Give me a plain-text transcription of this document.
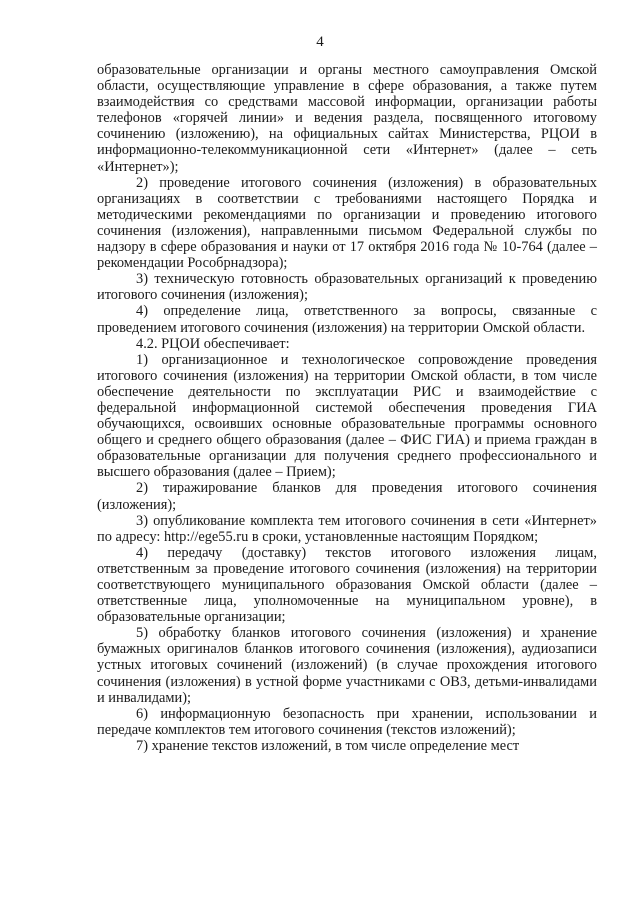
4

образовательные организации и органы местного самоуправления Омской области, осуществляющие управление в сфере образования, а также путем взаимодействия со средствами массовой информации, организации работы телефонов «горячей линии» и ведения раздела, посвященного итоговому сочинению (изложению), на официальных сайтах Министерства, РЦОИ в информационно-телекоммуникационной сети «Интернет» (далее – сеть «Интернет»);

2) проведение итогового сочинения (изложения) в образовательных организациях в соответствии с требованиями настоящего Порядка и методическими рекомендациями по организации и проведению итогового сочинения (изложения), направленными письмом Федеральной службы по надзору в сфере образования и науки от 17 октября 2016 года № 10-764 (далее – рекомендации Рособрнадзора);

3) техническую готовность образовательных организаций к проведению итогового сочинения (изложения);

4) определение лица, ответственного за вопросы, связанные с проведением итогового сочинения (изложения) на территории Омской области.

4.2. РЦОИ обеспечивает:

1) организационное и технологическое сопровождение проведения итогового сочинения (изложения) на территории Омской области, в том числе обеспечение деятельности по эксплуатации РИС и взаимодействие с федеральной информационной системой обеспечения проведения ГИА обучающихся, освоивших основные образовательные программы основного общего и среднего общего образования (далее – ФИС ГИА) и приема граждан в образовательные организации для получения среднего профессионального и высшего образования (далее – Прием);

2) тиражирование бланков для проведения итогового сочинения (изложения);

3) опубликование комплекта тем итогового сочинения в сети «Интернет» по адресу: http://ege55.ru в сроки, установленные настоящим Порядком;

4) передачу (доставку) текстов итогового изложения лицам, ответственным за проведение итогового сочинения (изложения) на территории соответствующего муниципального образования Омской области (далее – ответственные лица, уполномоченные на муниципальном уровне), в образовательные организации;

5) обработку бланков итогового сочинения (изложения) и хранение бумажных оригиналов бланков итогового сочинения (изложения), аудиозаписи устных итоговых сочинений (изложений) (в случае прохождения итогового сочинения (изложения) в устной форме участниками с ОВЗ, детьми-инвалидами и инвалидами);

6) информационную безопасность при хранении, использовании и передаче комплектов тем итогового сочинения (текстов изложений);

7) хранение текстов изложений, в том числе определение мест
